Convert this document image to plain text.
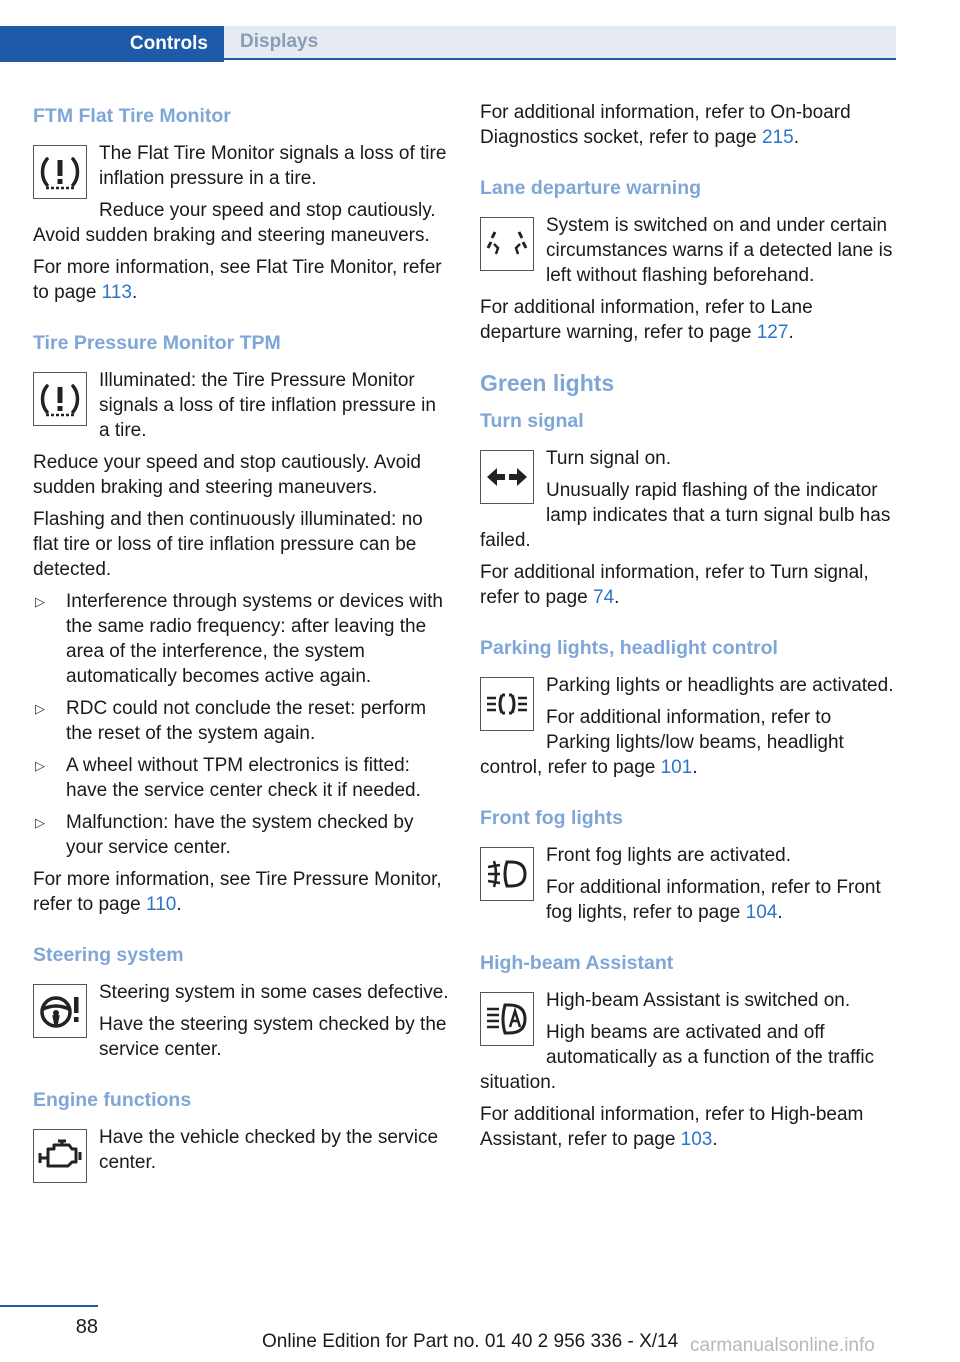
Controls	Displays
FTM Flat Tire Monitor

The Flat Tire Monitor signals a loss of tire inflation pressure in a tire.

Reduce your speed and stop cautiously. Avoid sudden braking and steering maneuvers.

For more information, see Flat Tire Monitor, refer to page 113.

Tire Pressure Monitor TPM

Illuminated: the Tire Pressure Monitor signals a loss of tire inflation pressure in a tire.

Reduce your speed and stop cautiously. Avoid sudden braking and steering maneuvers.

Flashing and then continuously illuminated: no flat tire or loss of tire inflation pressure can be detected.

▷ Interference through systems or devices with the same radio frequency: after leaving the area of the interference, the system automatically becomes active again.
▷ RDC could not conclude the reset: perform the reset of the system again.
▷ A wheel without TPM electronics is fitted: have the service center check it if needed.
▷ Malfunction: have the system checked by your service center.

For more information, see Tire Pressure Monitor, refer to page 110.

Steering system

Steering system in some cases defective.

Have the steering system checked by the service center.

Engine functions

Have the vehicle checked by the service center.

For additional information, refer to On-board Diagnostics socket, refer to page 215.

Lane departure warning

System is switched on and under certain circumstances warns if a detected lane is left without flashing beforehand.

For additional information, refer to Lane departure warning, refer to page 127.

Green lights
Turn signal

Turn signal on.

Unusually rapid flashing of the indicator lamp indicates that a turn signal bulb has failed.

For additional information, refer to Turn signal, refer to page 74.

Parking lights, headlight control

Parking lights or headlights are activated.

For additional information, refer to Parking lights/low beams, headlight control, refer to page 101.

Front fog lights

Front fog lights are activated.

For additional information, refer to Front fog lights, refer to page 104.

High-beam Assistant

High-beam Assistant is switched on.

High beams are activated and off automatically as a function of the traffic situation.

For additional information, refer to High-beam Assistant, refer to page 103.

88
Online Edition for Part no. 01 40 2 956 336 - X/14 carmanualsonline.info
